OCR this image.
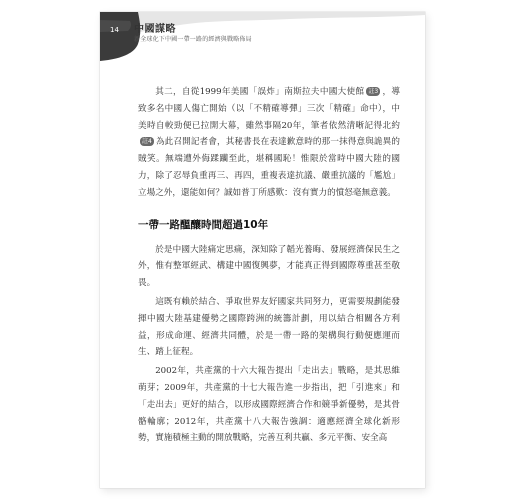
14 中國謀略
新全球化下中國一帶一路的經濟與戰略佈局

其二，自從1999年美國「誤炸」南斯拉夫中國大使館 註3 ，導致多名中國人傷亡開始（以「不精確導彈」三次「精確」命中），中美時自較勁便已拉開大幕，雖然事隔20年，筆者依然清晰記得北約註4 為此召開記者會，其秘書長在表達歉意時的那一抹得意與詭異的賊笑。無端遭外侮蹂躪至此，堪稱國恥！惟限於當時中國大陸的國力，除了忍辱負重再三、再四，重複表達抗議、嚴重抗議的「尷尬」立場之外，還能如何？誠如普丁所感歎：沒有實力的憤怒毫無意義。

一帶一路醞釀時間超過10年

於是中國大陸痛定思痛，深知除了韜光養晦、發展經濟保民生之外，惟有整軍經武、構建中國復興夢，才能真正得到國際尊重甚至敬畏。

這既有賴於結合、爭取世界友好國家共同努力，更需要規劃能發揮中國大陸基建優勢之國際跨洲的統籌計劃，用以結合相關各方利益，形成命運、經濟共同體，於是一帶一路的架構與行動便應運而生、踏上征程。

2002年，共產黨的十六大報告提出「走出去」戰略，是其思維萌芽；2009年，共產黨的十七大報告進一步指出，把「引進來」和「走出去」更好的結合，以形成國際經濟合作和競爭新優勢，是其骨骼輪廓；2012年，共產黨十八大報告強調：適應經濟全球化新形勢，實施積極主動的開放戰略，完善互利共贏、多元平衡、安全高
